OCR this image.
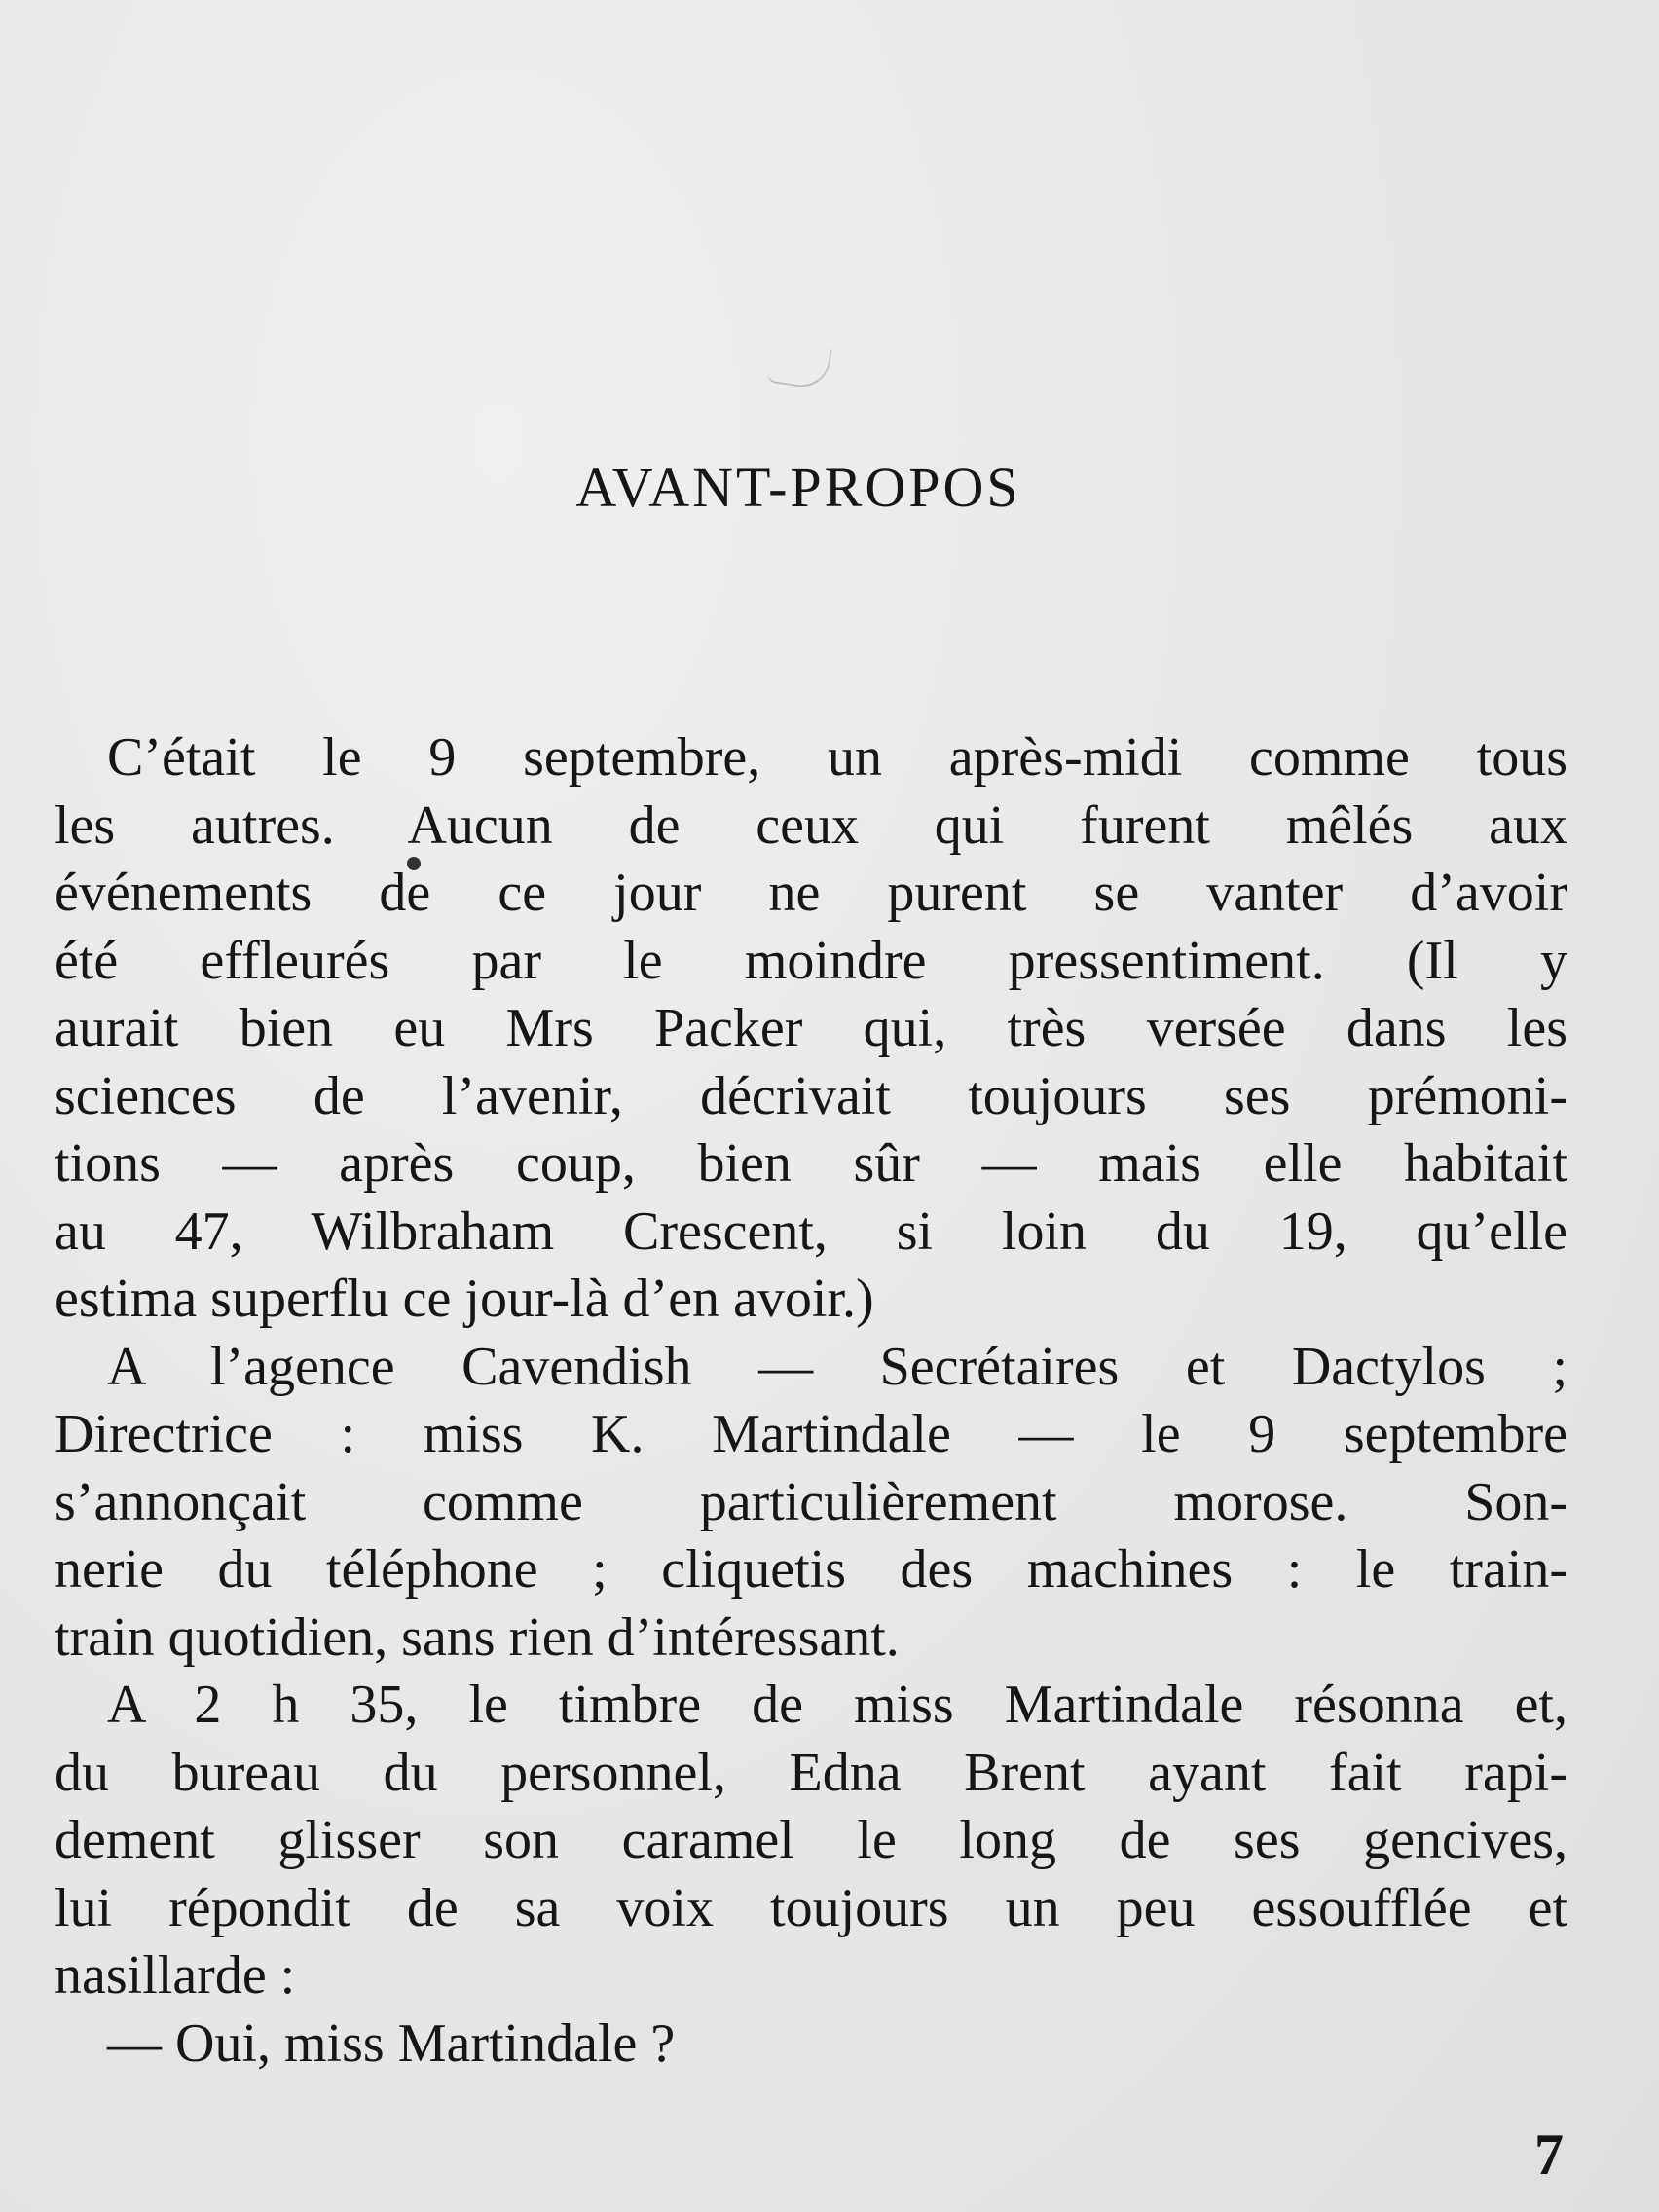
AVANT-PROPOS
C’était le 9 septembre, un après-midi comme tous
les autres. Aucun de ceux qui furent mêlés aux
événements de ce jour ne purent se vanter d’avoir
été effleurés par le moindre pressentiment. (Il y
aurait bien eu Mrs Packer qui, très versée dans les
sciences de l’avenir, décrivait toujours ses prémoni-
tions — après coup, bien sûr — mais elle habitait
au 47, Wilbraham Crescent, si loin du 19, qu’elle
estima superflu ce jour-là d’en avoir.)
A l’agence Cavendish — Secrétaires et Dactylos ;
Directrice : miss K. Martindale — le 9 septembre
s’annonçait comme particulièrement morose. Son-
nerie du téléphone ; cliquetis des machines : le train-
train quotidien, sans rien d’intéressant.
A 2 h 35, le timbre de miss Martindale résonna et,
du bureau du personnel, Edna Brent ayant fait rapi-
dement glisser son caramel le long de ses gencives,
lui répondit de sa voix toujours un peu essoufflée et
nasillarde :
— Oui, miss Martindale ?
7
